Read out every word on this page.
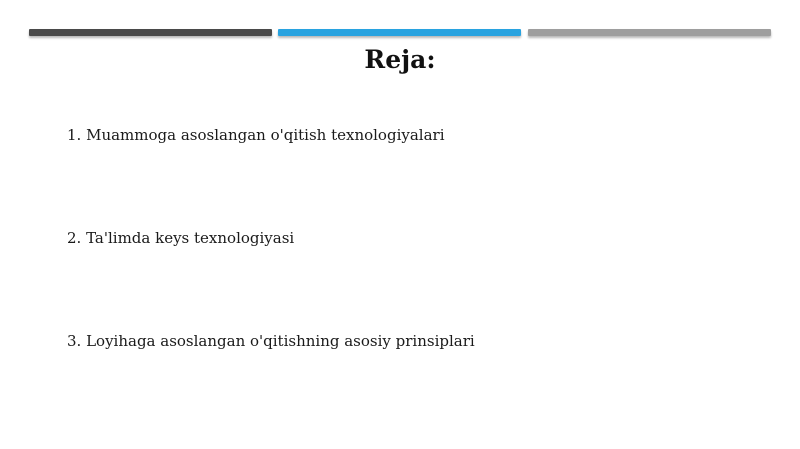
Reja:
1. Muammoga asoslangan o'qitish texnologiyalari
2. Ta'limda keys texnologiyasi
3. Loyihaga asoslangan o'qitishning asosiy prinsiplari
